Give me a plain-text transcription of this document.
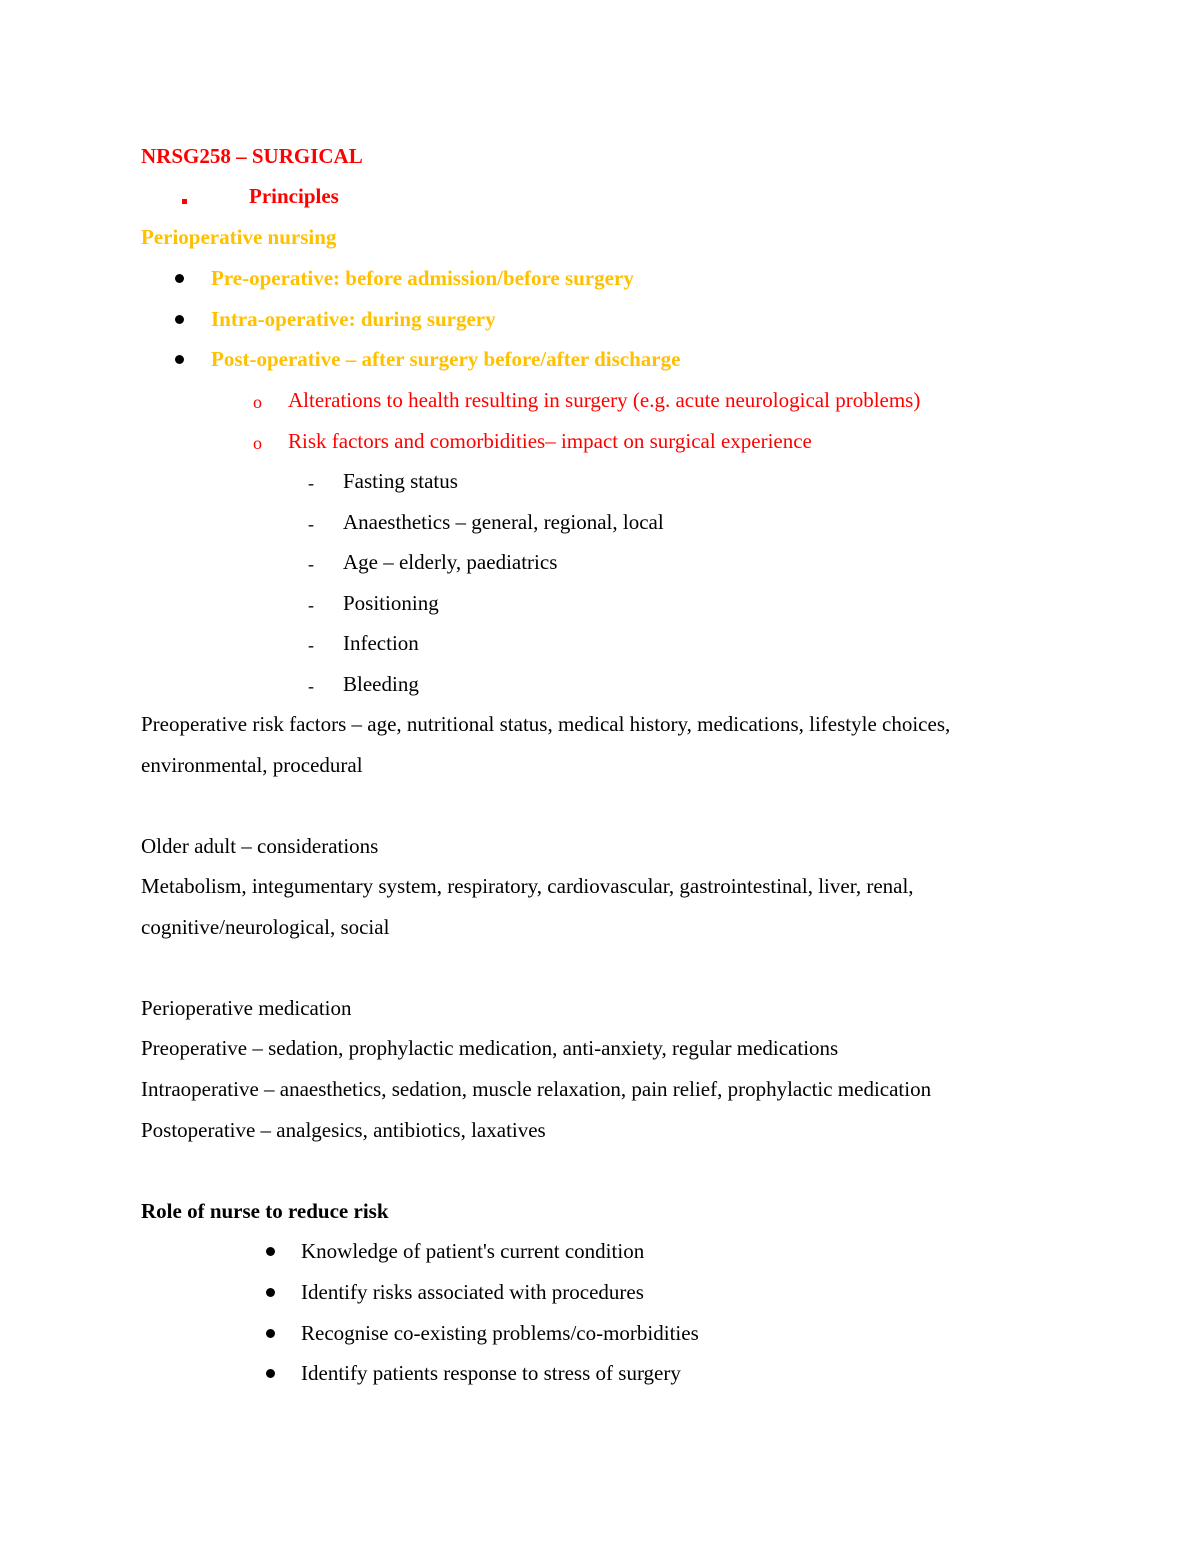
NRSG258 – SURGICAL
Principles
Perioperative nursing
Pre-operative: before admission/before surgery
Intra-operative: during surgery
Post-operative – after surgery before/after discharge
o Alterations to health resulting in surgery (e.g. acute neurological problems)
o Risk factors and comorbidities– impact on surgical experience
- Fasting status
- Anaesthetics – general, regional, local
- Age – elderly, paediatrics
- Positioning
- Infection
- Bleeding
Preoperative risk factors – age, nutritional status, medical history, medications, lifestyle choices,
environmental, procedural
Older adult – considerations
Metabolism, integumentary system, respiratory, cardiovascular, gastrointestinal, liver, renal,
cognitive/neurological, social
Perioperative medication
Preoperative – sedation, prophylactic medication, anti-anxiety, regular medications
Intraoperative – anaesthetics, sedation, muscle relaxation, pain relief, prophylactic medication
Postoperative – analgesics, antibiotics, laxatives
Role of nurse to reduce risk
Knowledge of patient's current condition
Identify risks associated with procedures
Recognise co-existing problems/co-morbidities
Identify patients response to stress of surgery
